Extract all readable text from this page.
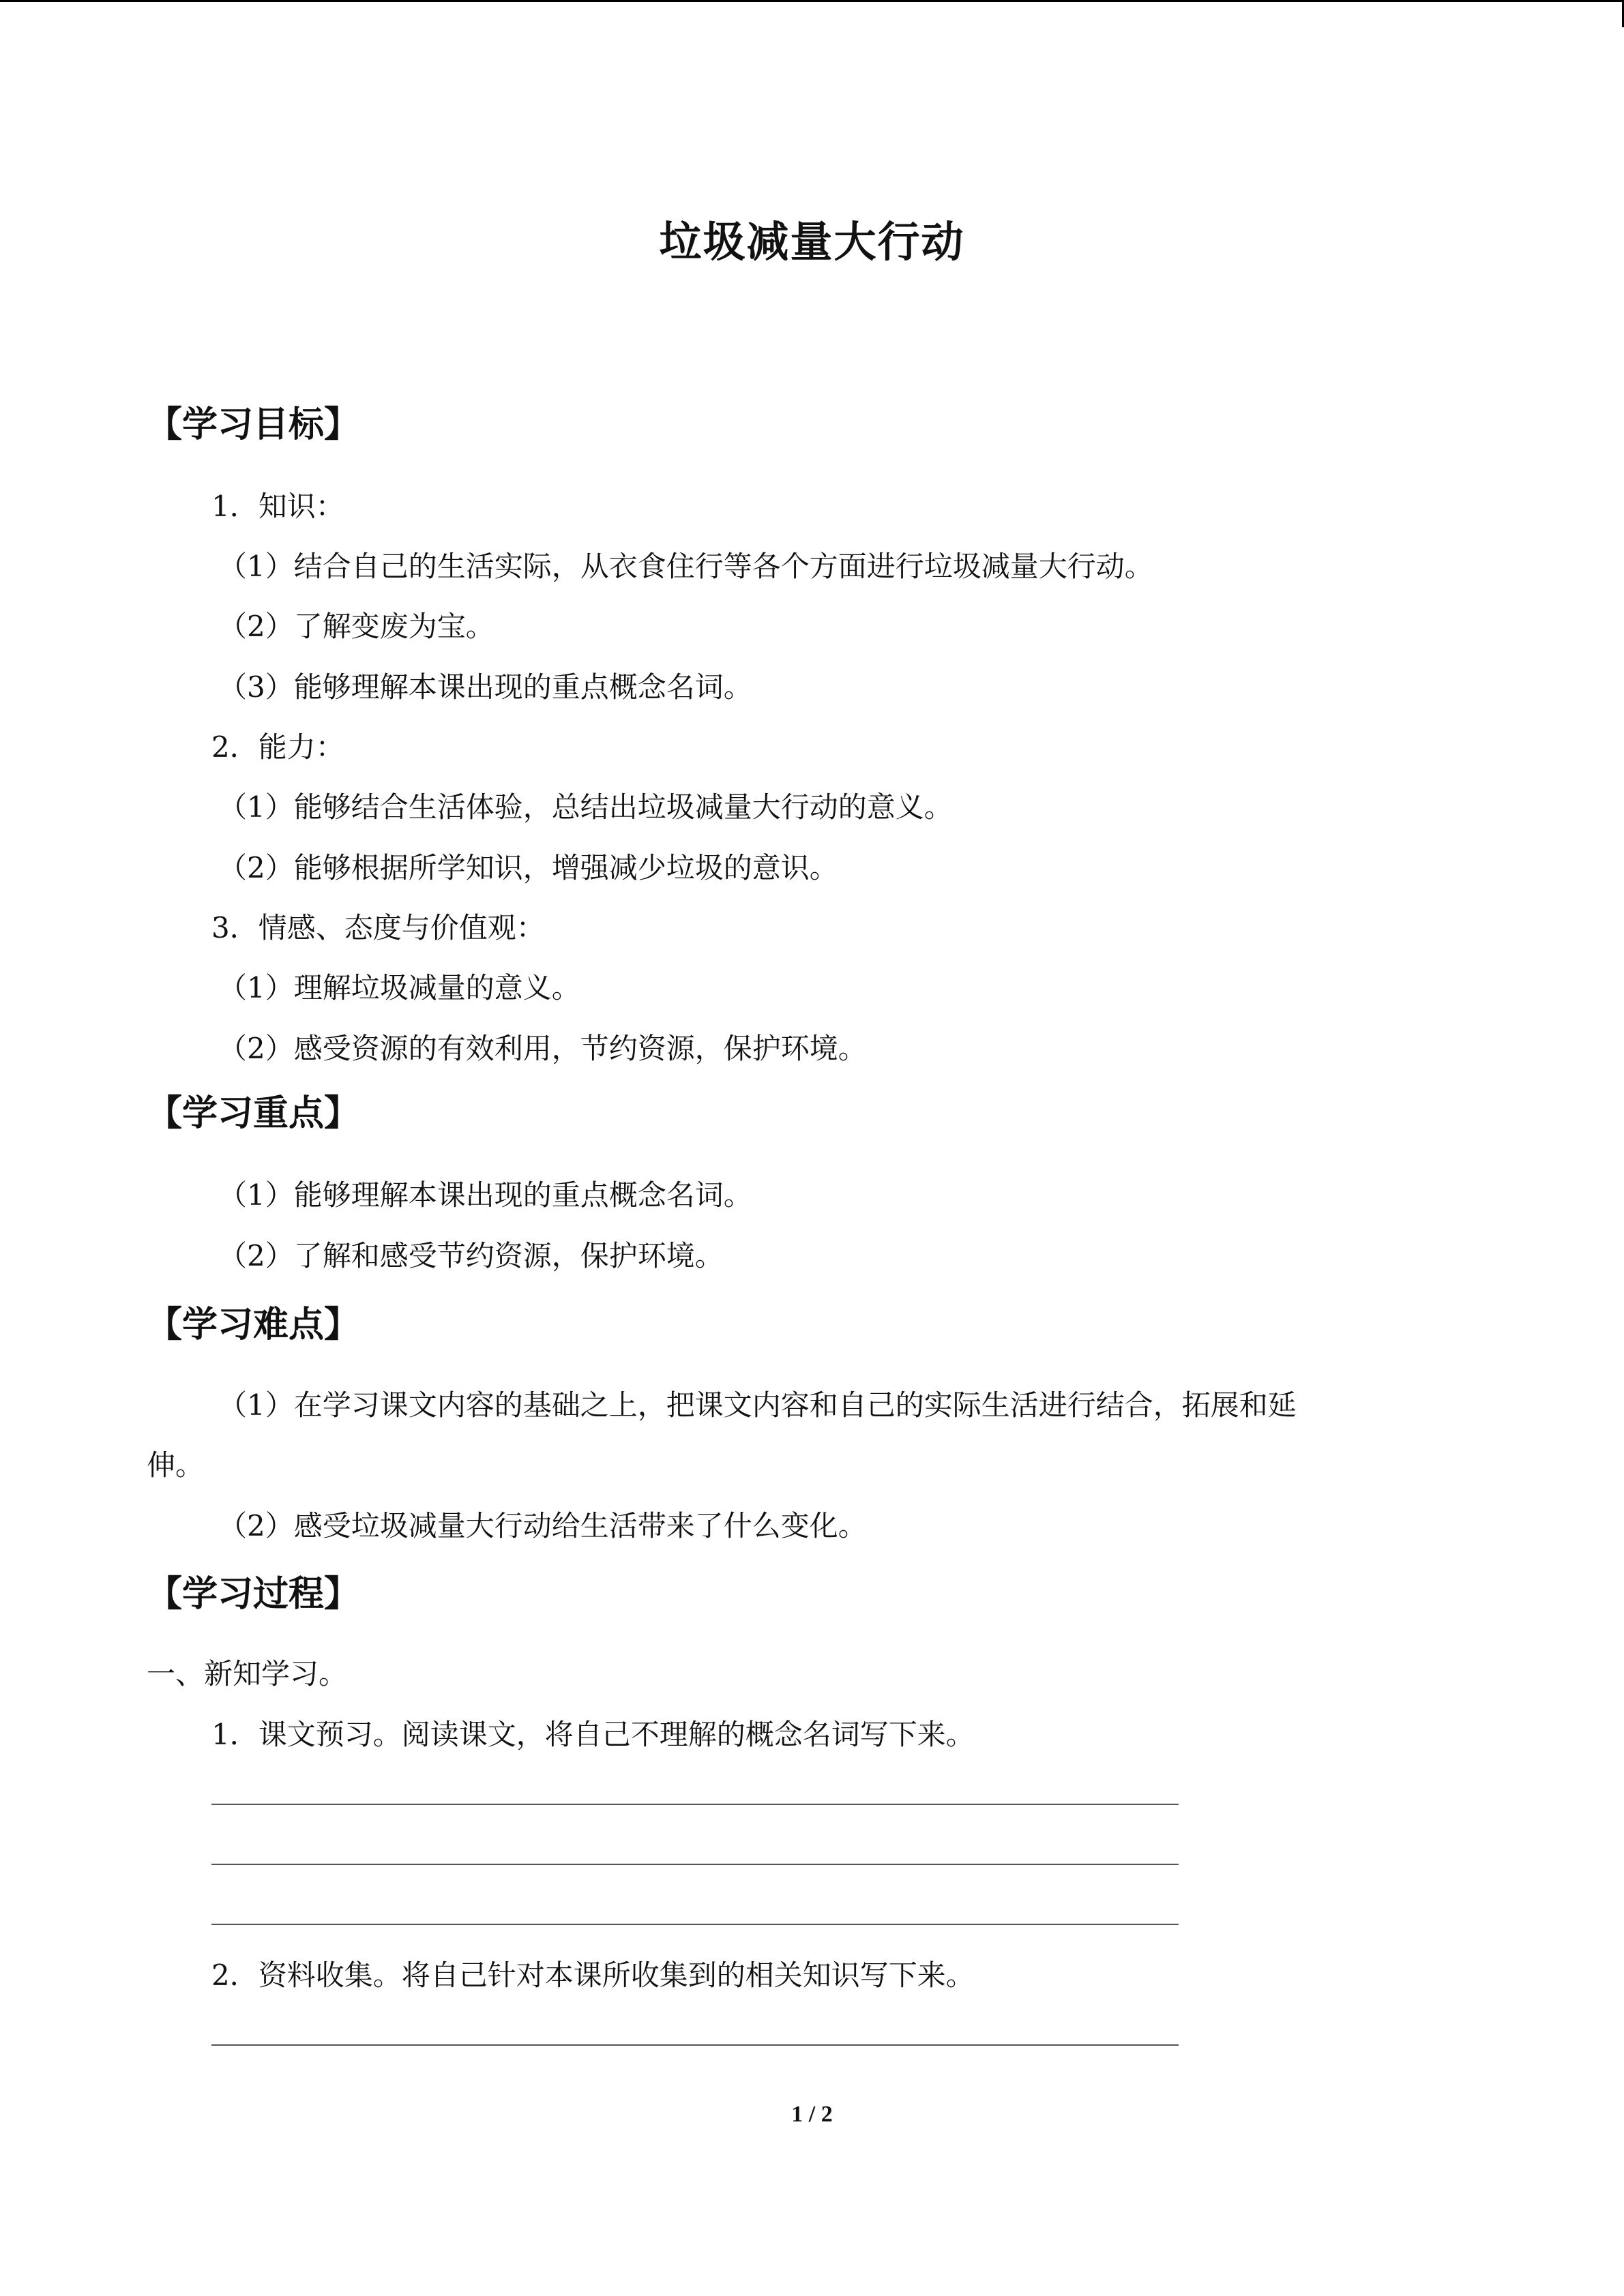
垃圾减量大行动
【学习目标】
1．知识：
（1）结合自己的生活实际，从衣食住行等各个方面进行垃圾减量大行动。
（2）了解变废为宝。
（3）能够理解本课出现的重点概念名词。
2．能力：
（1）能够结合生活体验，总结出垃圾减量大行动的意义。
（2）能够根据所学知识，增强减少垃圾的意识。
3．情感、态度与价值观：
（1）理解垃圾减量的意义。
（2）感受资源的有效利用，节约资源，保护环境。
【学习重点】
（1）能够理解本课出现的重点概念名词。
（2）了解和感受节约资源，保护环境。
【学习难点】
（1）在学习课文内容的基础之上，把课文内容和自己的实际生活进行结合，拓展和延
伸。
（2）感受垃圾减量大行动给生活带来了什么变化。
【学习过程】
一、新知学习。
1．课文预习。阅读课文，将自己不理解的概念名词写下来。
2．资料收集。将自己针对本课所收集到的相关知识写下来。
1 / 2
